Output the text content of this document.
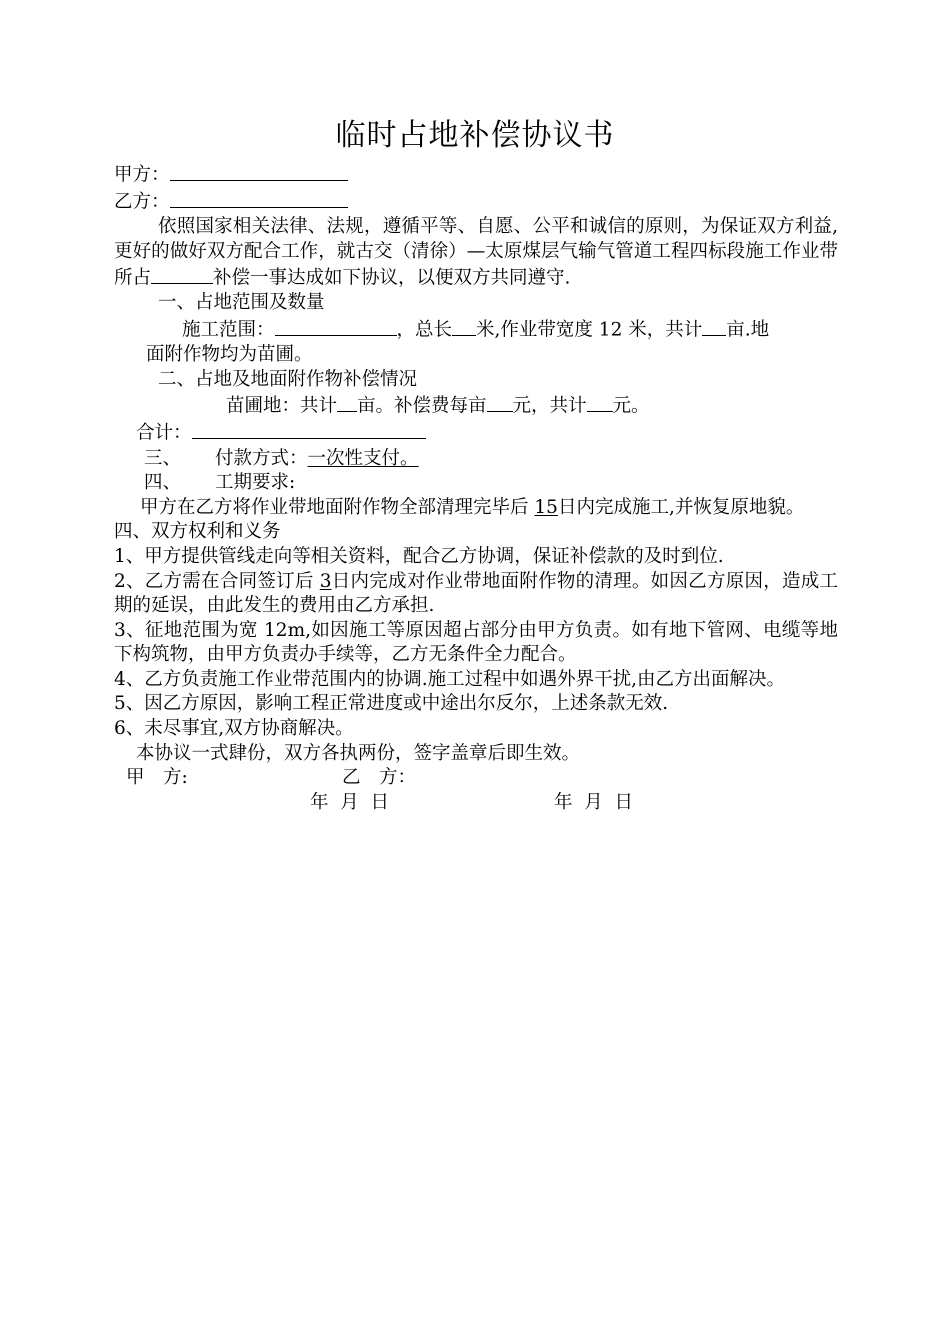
临时占地补偿协议书
甲方：
乙方：
依照国家相关法律、法规，遵循平等、自愿、公平和诚信的原则，为保证双方利益,更好的做好双方配合工作，就古交（清徐）—太原煤层气输气管道工程四标段施工作业带所占	补偿一事达成如下协议，以便双方共同遵守.
一、占地范围及数量
施工范围：	，总长 米,作业带宽度 12 米，共计 亩.地
面附作物均为苗圃。
二、占地及地面附作物补偿情况
苗圃地：共计 亩。补偿费每亩 元，共计 元。
合计：
三、 付款方式：一次性支付。
四、 工期要求:
甲方在乙方将作业带地面附作物全部清理完毕后 15日内完成施工,并恢复原地貌。
四、双方权利和义务
1、甲方提供管线走向等相关资料，配合乙方协调，保证补偿款的及时到位.
2、乙方需在合同签订后 3日内完成对作业带地面附作物的清理。如因乙方原因，造成工期的延误，由此发生的费用由乙方承担.
3、征地范围为宽 12m,如因施工等原因超占部分由甲方负责。如有地下管网、电缆等地下构筑物，由甲方负责办手续等，乙方无条件全力配合。
4、乙方负责施工作业带范围内的协调.施工过程中如遇外界干扰,由乙方出面解决。
5、因乙方原因，影响工程正常进度或中途出尔反尔，上述条款无效.
6、未尽事宜,双方协商解决。
本协议一式肆份，双方各执两份，签字盖章后即生效。
甲　方:	乙　方：
年  月  日	年  月  日
